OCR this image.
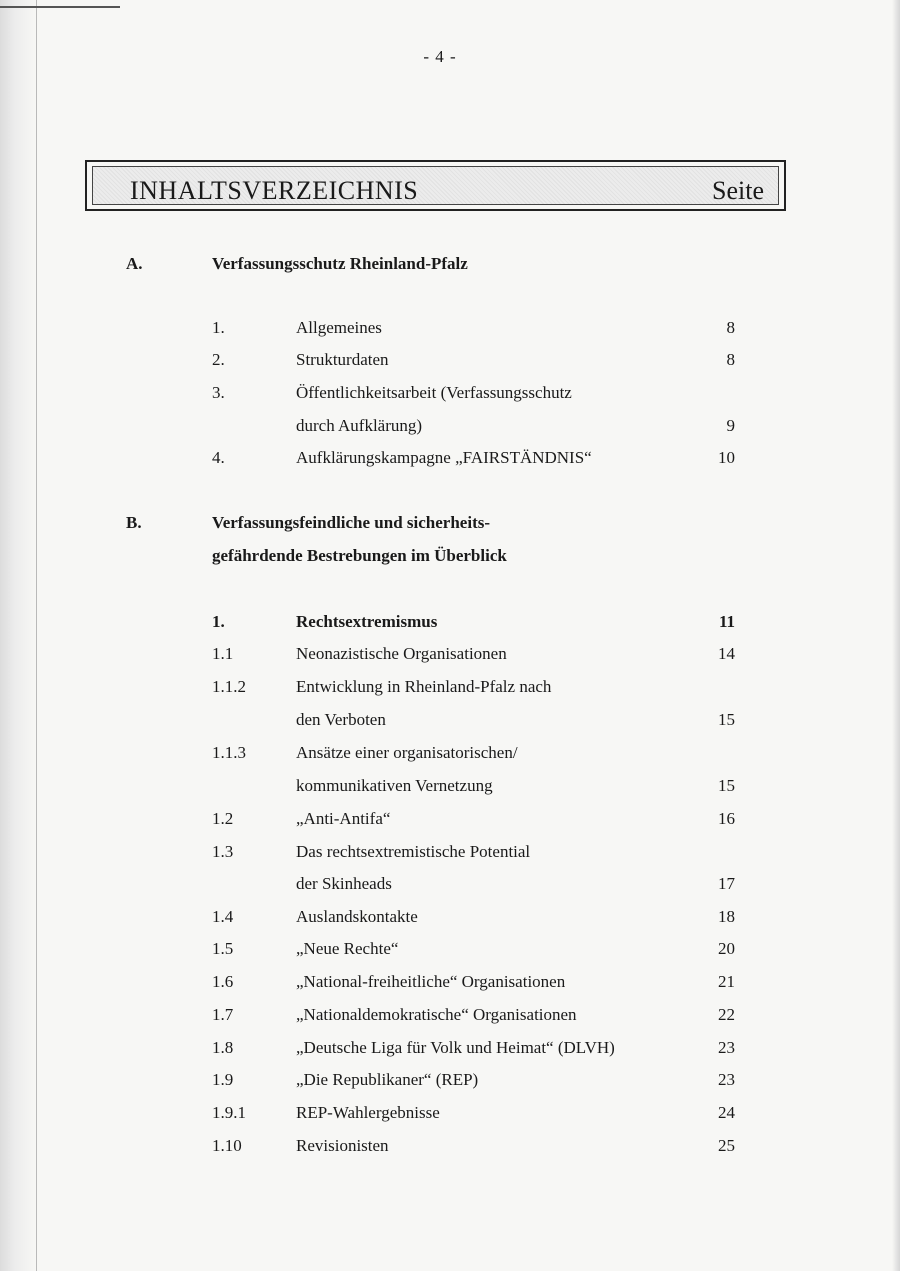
- 4 -
INHALTSVERZEICHNIS	Seite
A.	Verfassungsschutz Rheinland-Pfalz
1.	Allgemeines	8
2.	Strukturdaten	8
3.	Öffentlichkeitsarbeit (Verfassungsschutz
durch Aufklärung)	9
4.	Aufklärungskampagne „FAIRSTÄNDNIS“	10
B.	Verfassungsfeindliche und sicherheits-
gefährdende Bestrebungen im Überblick
1.	Rechtsextremismus	11
1.1	Neonazistische Organisationen	14
1.1.2	Entwicklung in Rheinland-Pfalz nach
den Verboten	15
1.1.3	Ansätze einer organisatorischen/
kommunikativen Vernetzung	15
1.2	„Anti-Antifa“	16
1.3	Das rechtsextremistische Potential
der Skinheads	17
1.4	Auslandskontakte	18
1.5	„Neue Rechte“	20
1.6	„National-freiheitliche“ Organisationen	21
1.7	„Nationaldemokratische“ Organisationen	22
1.8	„Deutsche Liga für Volk und Heimat“ (DLVH)	23
1.9	„Die Republikaner“ (REP)	23
1.9.1	REP-Wahlergebnisse	24
1.10	Revisionisten	25
